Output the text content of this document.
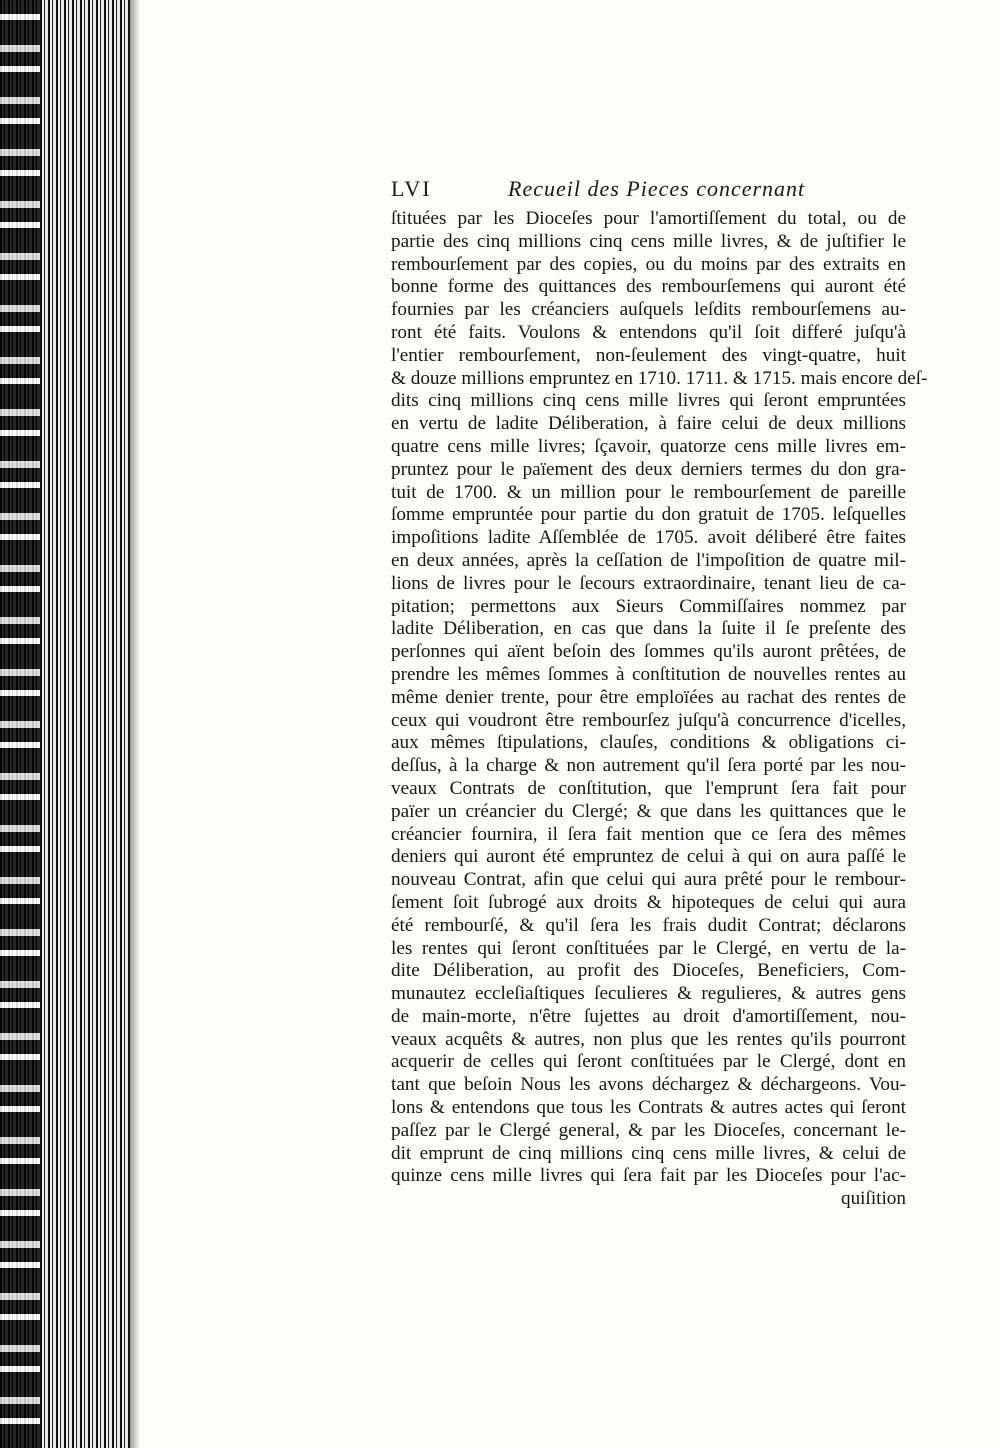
LVI	Recueil des Pieces concernant
ſtituées par les Dioceſes pour l'amortiſſement du total, ou de
partie des cinq millions cinq cens mille livres, & de juſtifier le
rembourſement par des copies, ou du moins par des extraits en
bonne forme des quittances des rembourſemens qui auront été
fournies par les créanciers auſquels leſdits rembourſemens au-
ront été faits. Voulons & entendons qu'il ſoit differé juſqu'à
l'entier rembourſement, non-ſeulement des vingt-quatre, huit
& douze millions empruntez en 1710. 1711. & 1715. mais encore deſ-
dits cinq millions cinq cens mille livres qui ſeront empruntées
en vertu de ladite Déliberation, à faire celui de deux millions
quatre cens mille livres; ſçavoir, quatorze cens mille livres em-
pruntez pour le païement des deux derniers termes du don gra-
tuit de 1700. & un million pour le rembourſement de pareille
ſomme empruntée pour partie du don gratuit de 1705. leſquelles
impoſitions ladite Aſſemblée de 1705. avoit déliberé être faites
en deux années, après la ceſſation de l'impoſition de quatre mil-
lions de livres pour le ſecours extraordinaire, tenant lieu de ca-
pitation; permettons aux Sieurs Commiſſaires nommez par
ladite Déliberation, en cas que dans la ſuite il ſe preſente des
perſonnes qui aïent beſoin des ſommes qu'ils auront prêtées, de
prendre les mêmes ſommes à conſtitution de nouvelles rentes au
même denier trente, pour être emploïées au rachat des rentes de
ceux qui voudront être rembourſez juſqu'à concurrence d'icelles,
aux mêmes ſtipulations, clauſes, conditions & obligations ci-
deſſus, à la charge & non autrement qu'il ſera porté par les nou-
veaux Contrats de conſtitution, que l'emprunt ſera fait pour
païer un créancier du Clergé; & que dans les quittances que le
créancier fournira, il ſera fait mention que ce ſera des mêmes
deniers qui auront été empruntez de celui à qui on aura paſſé le
nouveau Contrat, afin que celui qui aura prêté pour le rembour-
ſement ſoit ſubrogé aux droits & hipoteques de celui qui aura
été rembourſé, & qu'il ſera les frais dudit Contrat; déclarons
les rentes qui ſeront conſtituées par le Clergé, en vertu de la-
dite Déliberation, au profit des Dioceſes, Beneficiers, Com-
munautez eccleſiaſtiques ſeculieres & regulieres, & autres gens
de main-morte, n'être ſujettes au droit d'amortiſſement, nou-
veaux acquêts & autres, non plus que les rentes qu'ils pourront
acquerir de celles qui ſeront conſtituées par le Clergé, dont en
tant que beſoin Nous les avons déchargez & déchargeons. Vou-
lons & entendons que tous les Contrats & autres actes qui ſeront
paſſez par le Clergé general, & par les Dioceſes, concernant le-
dit emprunt de cinq millions cinq cens mille livres, & celui de
quinze cens mille livres qui ſera fait par les Dioceſes pour l'ac-
quiſition
